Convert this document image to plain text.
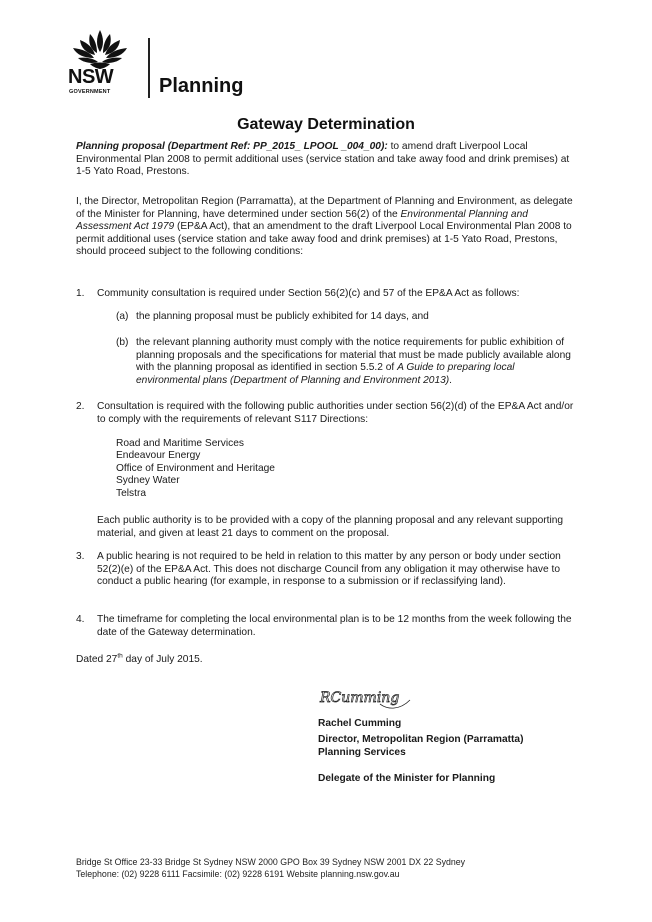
NSW
GOVERNMENT Planning
Gateway Determination

Planning proposal (Department Ref: PP_2015_ LPOOL _004_00): to amend draft Liverpool Local Environmental Plan 2008 to permit additional uses (service station and take away food and drink premises) at 1-5 Yato Road, Prestons.

I, the Director, Metropolitan Region (Parramatta), at the Department of Planning and Environment, as delegate of the Minister for Planning, have determined under section 56(2) of the Environmental Planning and Assessment Act 1979 (EP&A Act), that an amendment to the draft Liverpool Local Environmental Plan 2008 to permit additional uses (service station and take away food and drink premises) at 1-5 Yato Road, Prestons, should proceed subject to the following conditions:

1. Community consultation is required under Section 56(2)(c) and 57 of the EP&A Act as follows:

(a) the planning proposal must be publicly exhibited for 14 days, and

(b) the relevant planning authority must comply with the notice requirements for public exhibition of planning proposals and the specifications for material that must be made publicly available along with the planning proposal as identified in section 5.5.2 of A Guide to preparing local environmental plans (Department of Planning and Environment 2013).

2. Consultation is required with the following public authorities under section 56(2)(d) of the EP&A Act and/or to comply with the requirements of relevant S117 Directions:

Road and Maritime Services
Endeavour Energy
Office of Environment and Heritage
Sydney Water
Telstra

Each public authority is to be provided with a copy of the planning proposal and any relevant supporting material, and given at least 21 days to comment on the proposal.

3. A public hearing is not required to be held in relation to this matter by any person or body under section 52(2)(e) of the EP&A Act. This does not discharge Council from any obligation it may otherwise have to conduct a public hearing (for example, in response to a submission or if reclassifying land).

4. The timeframe for completing the local environmental plan is to be 12 months from the week following the date of the Gateway determination.

Dated 27th day of July 2015.

RCumming
Rachel Cumming
Director, Metropolitan Region (Parramatta)
Planning Services
Delegate of the Minister for Planning
Bridge St Office 23-33 Bridge St Sydney NSW 2000 GPO Box 39 Sydney NSW 2001 DX 22 Sydney
Telephone: (02) 9228 6111 Facsimile: (02) 9228 6191 Website planning.nsw.gov.au
